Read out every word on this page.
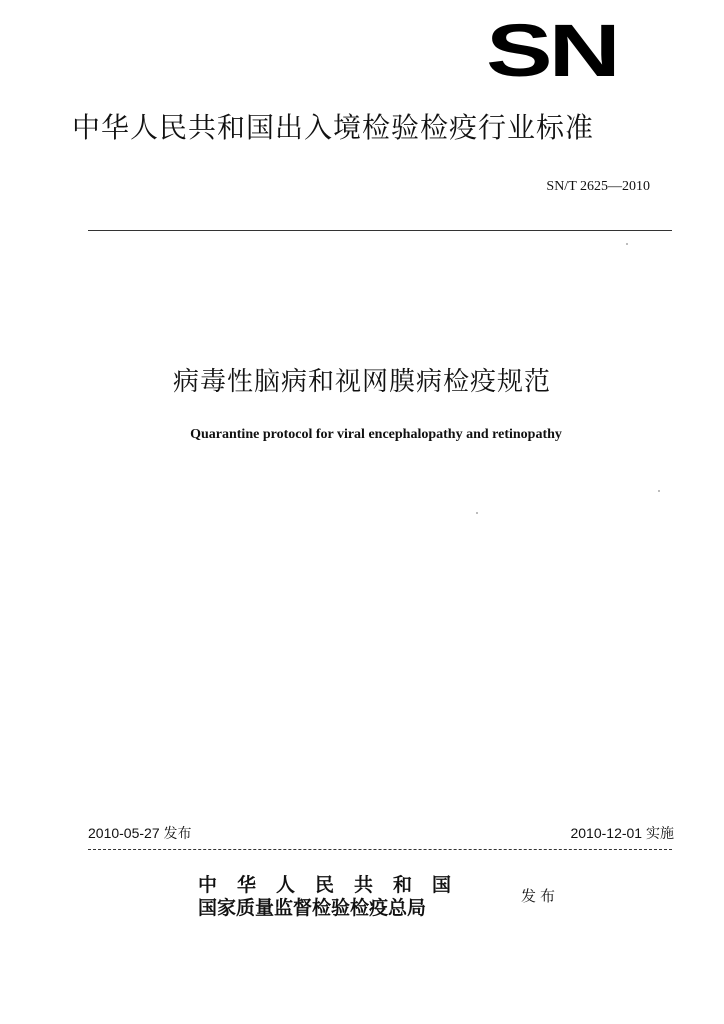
SN
中华人民共和国出入境检验检疫行业标准
SN/T 2625—2010
病毒性脑病和视网膜病检疫规范
Quarantine protocol for viral encephalopathy and retinopathy
2010-05-27 发布	2010-12-01 实施
中华人民共和国
国家质量监督检验检疫总局
发布
